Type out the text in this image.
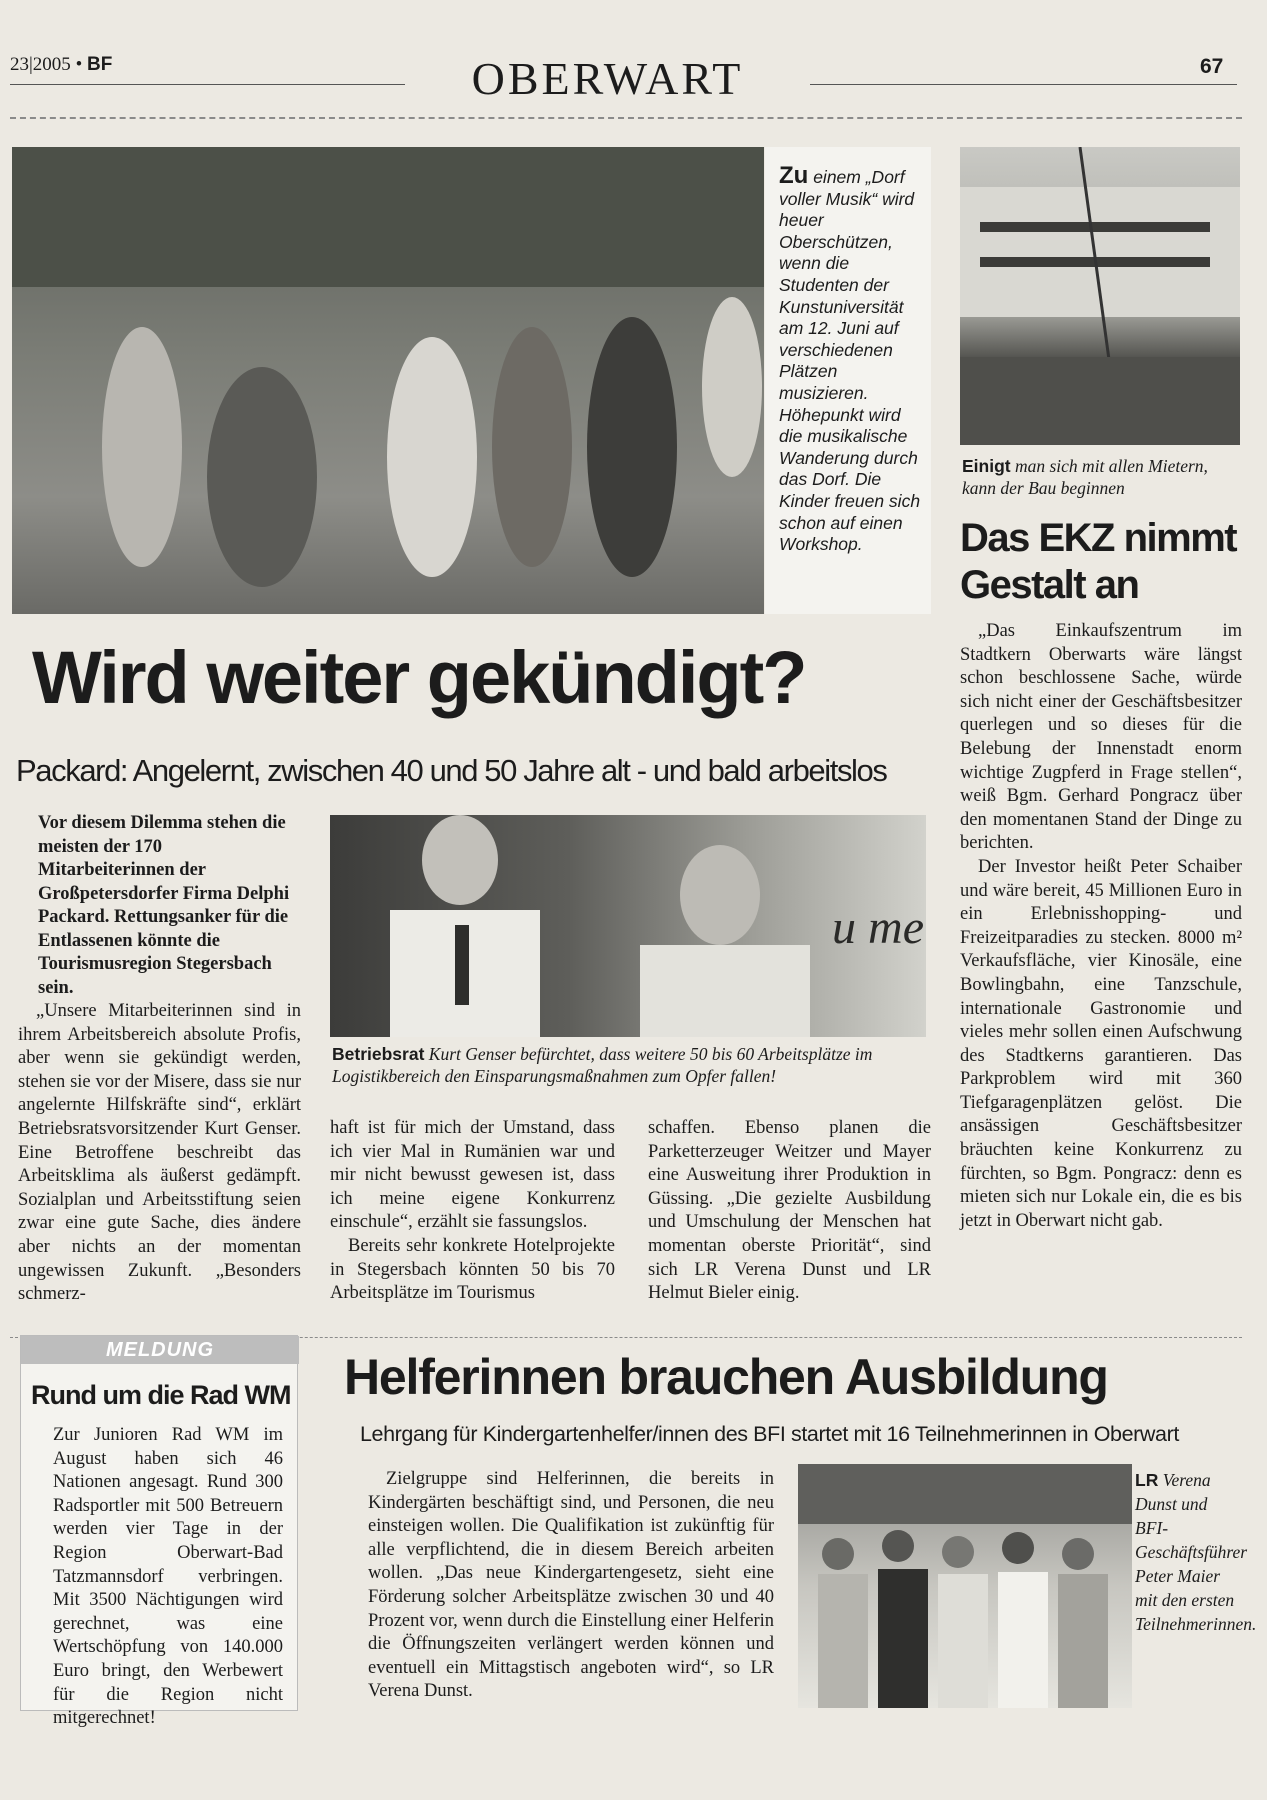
23|2005 • BF	OBERWART	67
Zu einem „Dorf voller Musik“ wird heuer Oberschützen, wenn die Studenten der Kunstuniversität am 12. Juni auf verschiedenen Plätzen musizieren. Höhepunkt wird die musikalische Wanderung durch das Dorf. Die Kinder freuen sich schon auf einen Workshop.
Einigt man sich mit allen Mietern, kann der Bau beginnen
Das EKZ nimmt
Gestalt an

„Das Einkaufszentrum im Stadtkern Oberwarts wäre längst schon beschlossene Sache, würde sich nicht einer der Geschäftsbesitzer querlegen und so dieses für die Belebung der Innenstadt enorm wichtige Zugpferd in Frage stellen“, weiß Bgm. Gerhard Pongracz über den momentanen Stand der Dinge zu berichten.

Der Investor heißt Peter Schaiber und wäre bereit, 45 Millionen Euro in ein Erlebnisshopping- und Freizeitparadies zu stecken. 8000 m² Verkaufsfläche, vier Kinosäle, eine Bowlingbahn, eine Tanzschule, internationale Gastronomie und vieles mehr sollen einen Aufschwung des Stadtkerns garantieren. Das Parkproblem wird mit 360 Tiefgaragenplätzen gelöst. Die ansässigen Geschäftsbesitzer bräuchten keine Konkurrenz zu fürchten, so Bgm. Pongracz: denn es mieten sich nur Lokale ein, die es bis jetzt in Oberwart nicht gab.

Wird weiter gekündigt?
Packard: Angelernt, zwischen 40 und 50 Jahre alt - und bald arbeitslos
Vor diesem Dilemma stehen die meisten der 170 Mitarbeiterinnen der Großpetersdorfer Firma Delphi Packard. Rettungsanker für die Entlassenen könnte die Tourismusregion Stegersbach sein.

„Unsere Mitarbeiterinnen sind in ihrem Arbeitsbereich absolute Profis, aber wenn sie gekündigt werden, stehen sie vor der Misere, dass sie nur angelernte Hilfskräfte sind“, erklärt Betriebsratsvorsitzender Kurt Genser. Eine Betroffene beschreibt das Arbeitsklima als äußerst gedämpft. Sozialplan und Arbeitsstiftung seien zwar eine gute Sache, dies ändere aber nichts an der momentan ungewissen Zukunft. „Besonders schmerz-

u me
Betriebsrat Kurt Genser befürchtet, dass weitere 50 bis 60 Arbeitsplätze im Logistikbereich den Einsparungsmaßnahmen zum Opfer fallen!

haft ist für mich der Umstand, dass ich vier Mal in Rumänien war und mir nicht bewusst gewesen ist, dass ich meine eigene Konkurrenz einschule“, erzählt sie fassungslos.

Bereits sehr konkrete Hotelprojekte in Stegersbach könnten 50 bis 70 Arbeitsplätze im Tourismus

schaffen. Ebenso planen die Parketterzeuger Weitzer und Mayer eine Ausweitung ihrer Produktion in Güssing. „Die gezielte Ausbildung und Umschulung der Menschen hat momentan oberste Priorität“, sind sich LR Verena Dunst und LR Helmut Bieler einig.

MELDUNG
Rund um die Rad WM
Zur Junioren Rad WM im August haben sich 46 Nationen angesagt. Rund 300 Radsportler mit 500 Betreuern werden vier Tage in der Region Oberwart-Bad Tatzmannsdorf verbringen. Mit 3500 Nächtigungen wird gerechnet, was eine Wertschöpfung von 140.000 Euro bringt, den Werbewert für die Region nicht mitgerechnet!
Helferinnen brauchen Ausbildung
Lehrgang für Kindergartenhelfer/innen des BFI startet mit 16 Teilnehmerinnen in Oberwart

Zielgruppe sind Helferinnen, die bereits in Kindergärten beschäftigt sind, und Personen, die neu einsteigen wollen. Die Qualifikation ist zukünftig für alle verpflichtend, die in diesem Bereich arbeiten wollen. „Das neue Kindergartengesetz, sieht eine Förderung solcher Arbeitsplätze zwischen 30 und 40 Prozent vor, wenn durch die Einstellung einer Helferin die Öffnungszeiten verlängert werden können und eventuell ein Mittagstisch angeboten wird“, so LR Verena Dunst.

LR Verena Dunst und BFI-Geschäftsführer Peter Maier mit den ersten Teilnehmerinnen.
